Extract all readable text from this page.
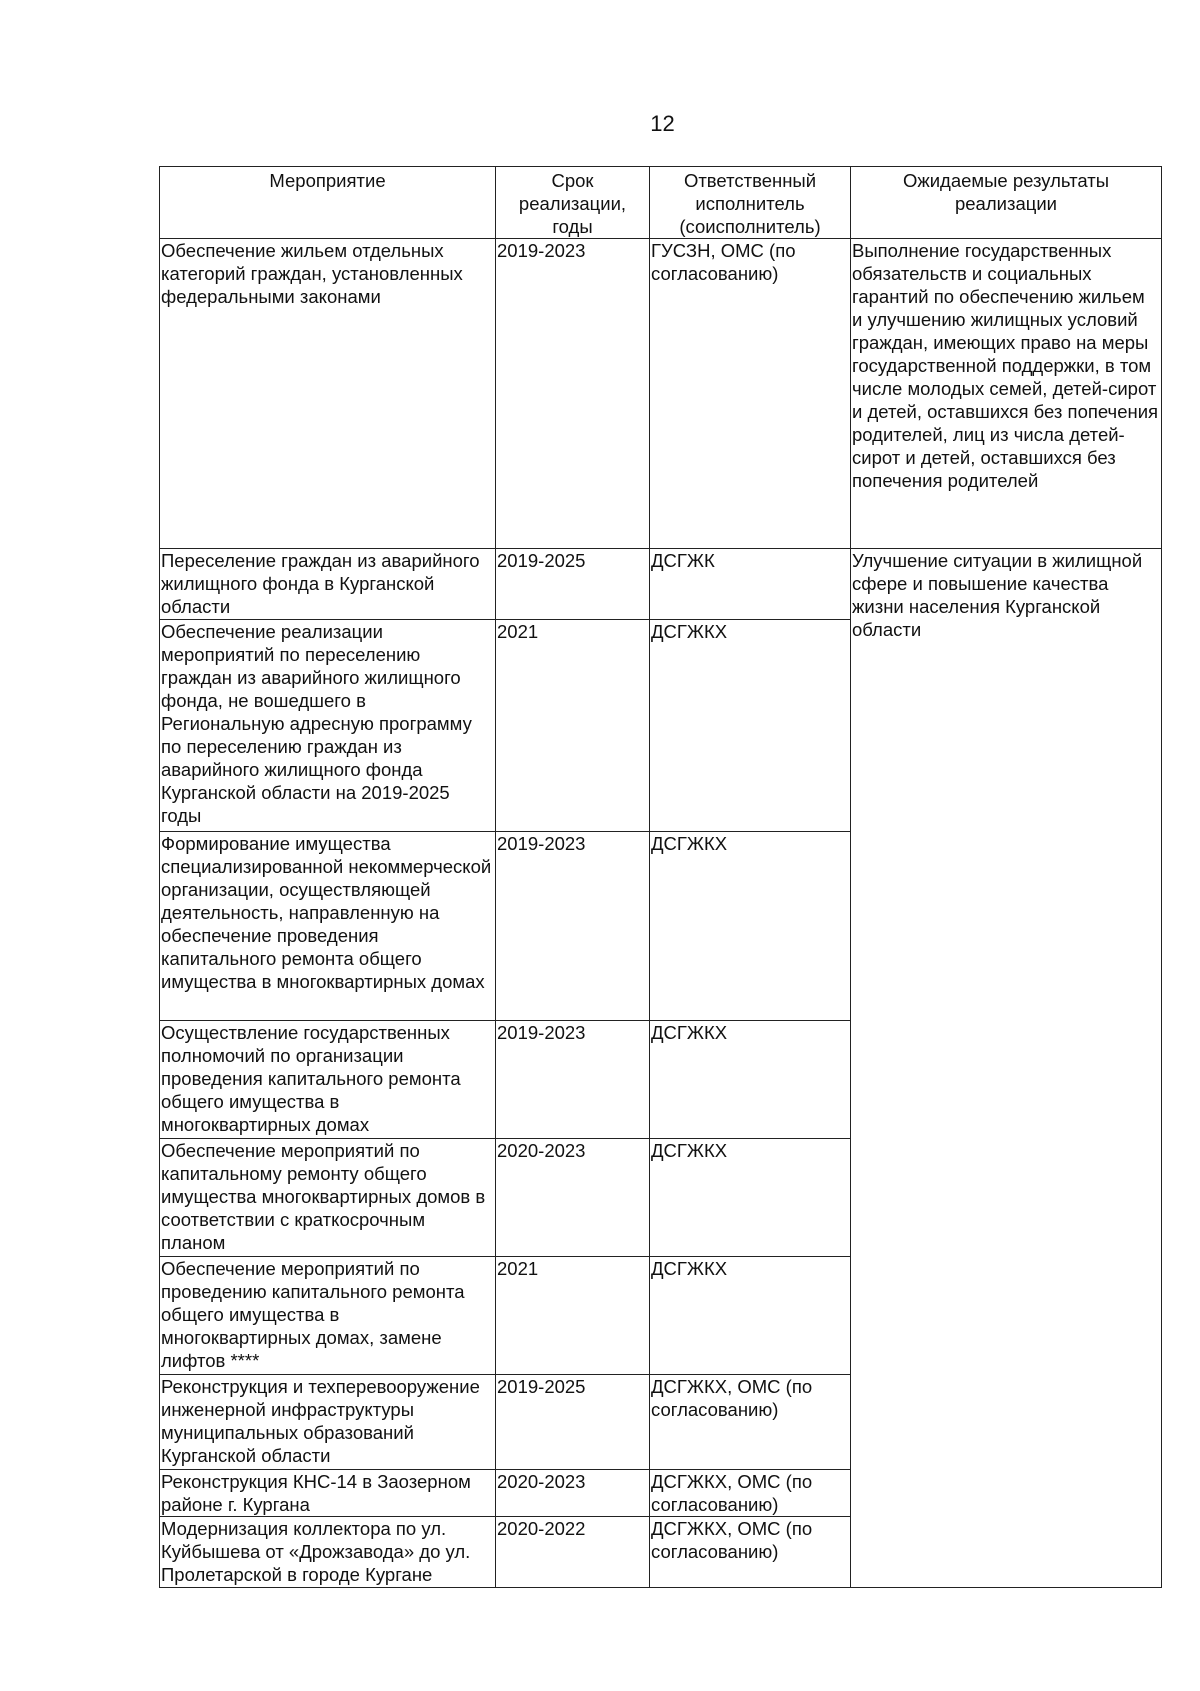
12
Мероприятие	Срок реализации, годы	Ответственный исполнитель (соисполнитель)	Ожидаемые результаты реализации
Обеспечение жильем отдельных категорий граждан, установленных федеральными законами	2019-2023	ГУСЗН, ОМС (по согласованию)	Выполнение государственных обязательств и социальных гарантий по обеспечению жильем и улучшению жилищных условий граждан, имеющих право на меры государственной поддержки, в том числе молодых семей, детей-сирот и детей, оставшихся без попечения родителей, лиц из числа детей-сирот и детей, оставшихся без попечения родителей
Переселение граждан из аварийного жилищного фонда в Курганской области	2019-2025	ДСГЖК	Улучшение ситуации в жилищной сфере и повышение качества жизни населения Курганской области
Обеспечение реализации мероприятий по переселению граждан из аварийного жилищного фонда, не вошедшего в Региональную адресную программу по переселению граждан из аварийного жилищного фонда Курганской области на 2019-2025 годы	2021	ДСГЖКХ	
Формирование имущества специализированной некоммерческой организации, осуществляющей деятельность, направленную на обеспечение проведения капитального ремонта общего имущества в многоквартирных домах	2019-2023	ДСГЖКХ	
Осуществление государственных полномочий по организации проведения капитального ремонта общего имущества в многоквартирных домах	2019-2023	ДСГЖКХ	
Обеспечение мероприятий по капитальному ремонту общего имущества многоквартирных домов в соответствии с краткосрочным планом	2020-2023	ДСГЖКХ	
Обеспечение мероприятий по проведению капитального ремонта общего имущества в многоквартирных домах, замене лифтов ****	2021	ДСГЖКХ	
Реконструкция и техперевооружение инженерной инфраструктуры муниципальных образований Курганской области	2019-2025	ДСГЖКХ, ОМС (по согласованию)	
Реконструкция КНС-14 в Заозерном районе г. Кургана	2020-2023	ДСГЖКХ, ОМС (по согласованию)	
Модернизация коллектора по ул. Куйбышева от «Дрожзавода» до ул. Пролетарской в городе Кургане	2020-2022	ДСГЖКХ, ОМС (по согласованию)	
